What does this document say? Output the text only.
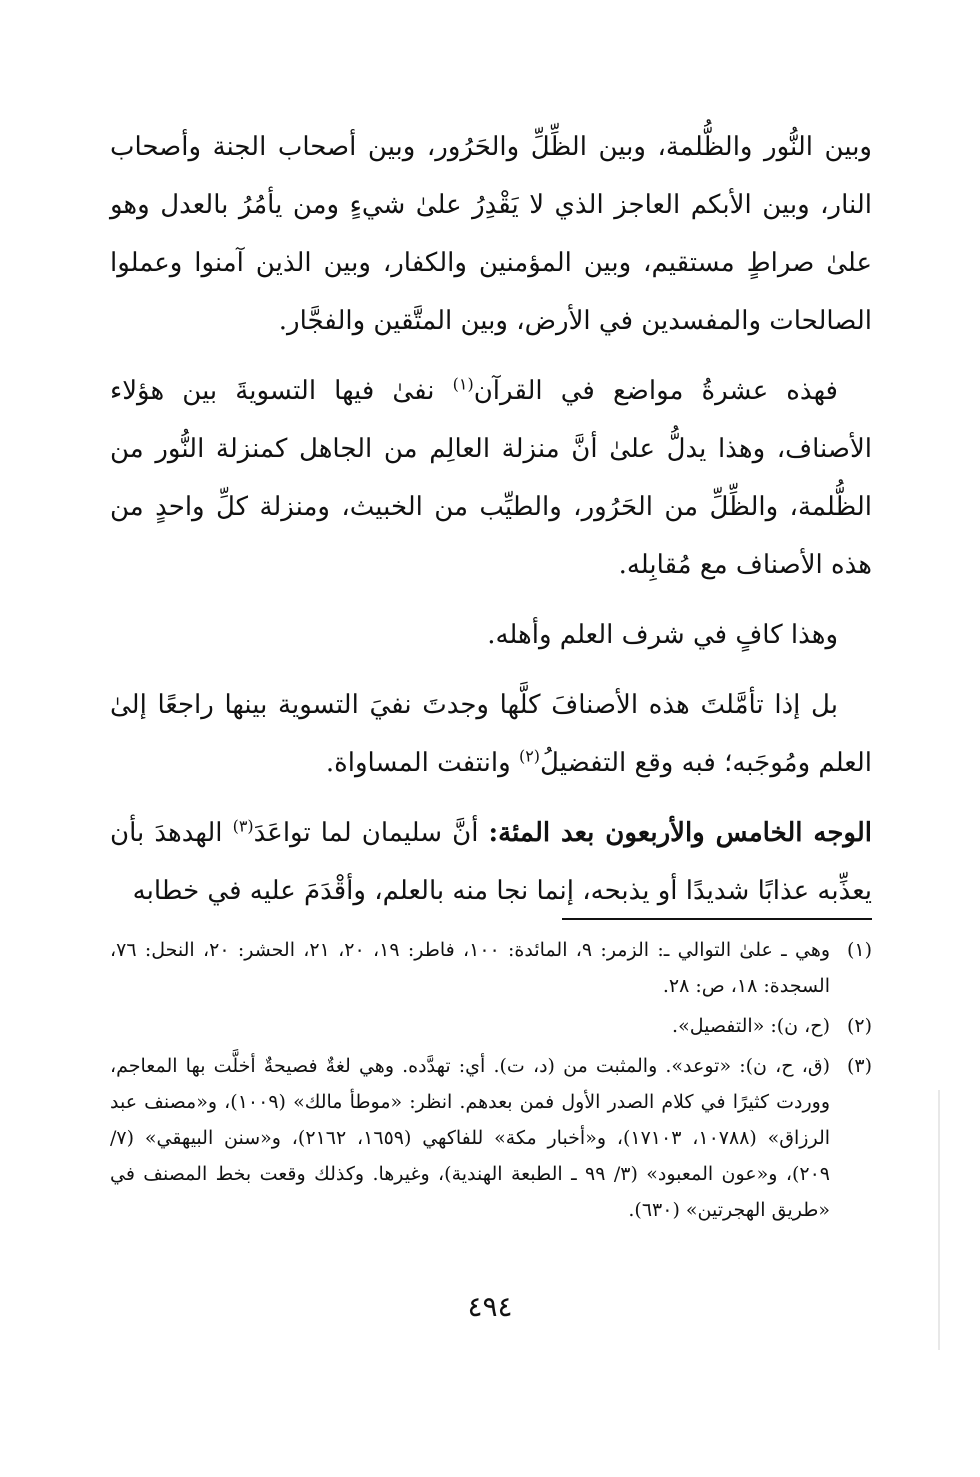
وبين النُّور والظُّلمة، وبين الظِّلِّ والحَرُور، وبين أصحاب الجنة وأصحاب النار، وبين الأبكم العاجز الذي لا يَقْدِرُ علىٰ شيءٍ ومن يأمُرُ بالعدل وهو علىٰ صراطٍ مستقيم، وبين المؤمنين والكفار، وبين الذين آمنوا وعملوا الصالحات والمفسدين في الأرض، وبين المتَّقين والفجَّار.

فهذه عشرةُ مواضع في القرآن$^{(١)}$ نفىٰ فيها التسويةَ بين هؤلاء الأصناف، وهذا يدلُّ علىٰ أنَّ منزلة العالِم من الجاهل كمنزلة النُّور من الظُّلمة، والظِّلِّ من الحَرُور، والطيِّب من الخبيث، ومنزلة كلِّ واحدٍ من هذه الأصناف مع مُقابِله.

وهذا كافٍ في شرف العلم وأهله.

بل إذا تأمَّلتَ هذه الأصنافَ كلَّها وجدتَ نفيَ التسوية بينها راجعًا إلىٰ العلم ومُوجَبه؛ فبه وقع التفضيلُ$^{(٢)}$ وانتفت المساواة.

الوجه الخامس والأربعون بعد المئة: أنَّ سليمان لما تواعَدَ$^{(٣)}$ الهدهدَ بأن يعذِّبه عذابًا شديدًا أو يذبحه، إنما نجا منه بالعلم، وأقْدَمَ عليه في خطابه

(١)
وهي ـ علىٰ التوالي ـ: الزمر: ٩، المائدة: ١٠٠، فاطر: ١٩، ٢٠، ٢١، الحشر: ٢٠، النحل: ٧٦، السجدة: ١٨، ص: ٢٨.
(٢)
(ح، ن): «التفصيل».
(٣)
(ق، ح، ن): «توعد». والمثبت من (د، ت). أي: تهدَّده. وهي لغةٌ فصيحةٌ أخلَّت بها المعاجم، ووردت كثيرًا في كلام الصدر الأول فمن بعدهم. انظر: «موطأ مالك» (١٠٠٩)، و«مصنف عبد الرزاق» (١٠٧٨٨، ١٧١٠٣)، و«أخبار مكة» للفاكهي (١٦٥٩، ٢١٦٢)، و«سنن البيهقي» (٧/ ٢٠٩)، و«عون المعبود» (٣/ ٩٩ ـ الطبعة الهندية)، وغيرها. وكذلك وقعت بخط المصنف في «طريق الهجرتين» (٦٣٠).
٤٩٤
